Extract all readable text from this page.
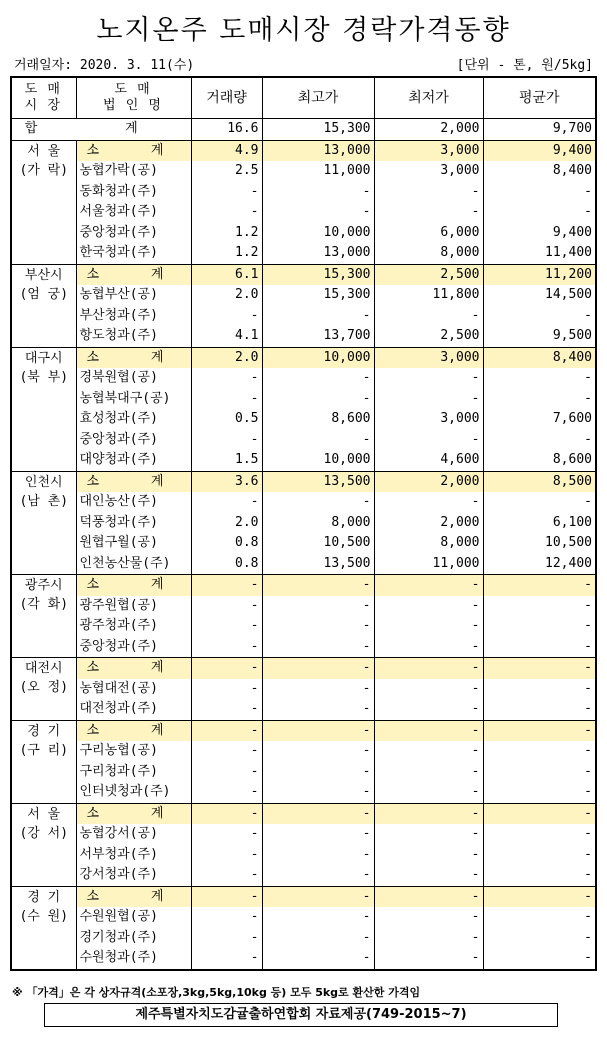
노지온주 도매시장 경락가격동향
거래일자: 2020. 3. 11(수)	[단위 - 톤, 원/5kg]
도 매
시 장	도 매
법 인 명	거래량	최고가	최저가	평균가
합 계		16.6	15,300	2,000	9,700

서 울
(가 락)	소 계	4.9	13,000	3,000	9,400
	농협가락(공)	2.5	11,000	3,000	8,400
	동화청과(주)	-	-	-	-
	서울청과(주)	-	-	-	-
	중앙청과(주)	1.2	10,000	6,000	9,400
	한국청과(주)	1.2	13,000	8,000	11,400

부산시
(엄 궁)	소 계	6.1	15,300	2,500	11,200
	농협부산(공)	2.0	15,300	11,800	14,500
	부산청과(주)	-	-	-	-
	항도청과(주)	4.1	13,700	2,500	9,500

대구시
(북 부)	소 계	2.0	10,000	3,000	8,400
	경북원협(공)	-	-	-	-
	농협북대구(공)	-	-	-	-
	효성청과(주)	0.5	8,600	3,000	7,600
	중앙청과(주)	-	-	-	-
	대양청과(주)	1.5	10,000	4,600	8,600

인천시
(남 촌)	소 계	3.6	13,500	2,000	8,500
	대인농산(주)	-	-	-	-
	덕풍청과(주)	2.0	8,000	2,000	6,100
	원협구월(공)	0.8	10,500	8,000	10,500
	인천농산물(주)	0.8	13,500	11,000	12,400

광주시
(각 화)	소 계	-	-	-	-
	광주원협(공)	-	-	-	-
	광주청과(주)	-	-	-	-
	중앙청과(주)	-	-	-	-

대전시
(오 정)	소 계	-	-	-	-
	농협대전(공)	-	-	-	-
	대전청과(주)	-	-	-	-

경 기
(구 리)	소 계	-	-	-	-
	구리농협(공)	-	-	-	-
	구리청과(주)	-	-	-	-
	인터넷청과(주)	-	-	-	-

서 울
(강 서)	소 계	-	-	-	-
	농협강서(공)	-	-	-	-
	서부청과(주)	-	-	-	-
	강서청과(주)	-	-	-	-

경 기
(수 원)	소 계	-	-	-	-
	수원원협(공)	-	-	-	-
	경기청과(주)	-	-	-	-
	수원청과(주)	-	-	-	-
※ 「가격」은 각 상자규격(소포장,3kg,5kg,10kg 등) 모두 5kg로 환산한 가격임
제주특별자치도감귤출하연합회 자료제공(749-2015~7)
